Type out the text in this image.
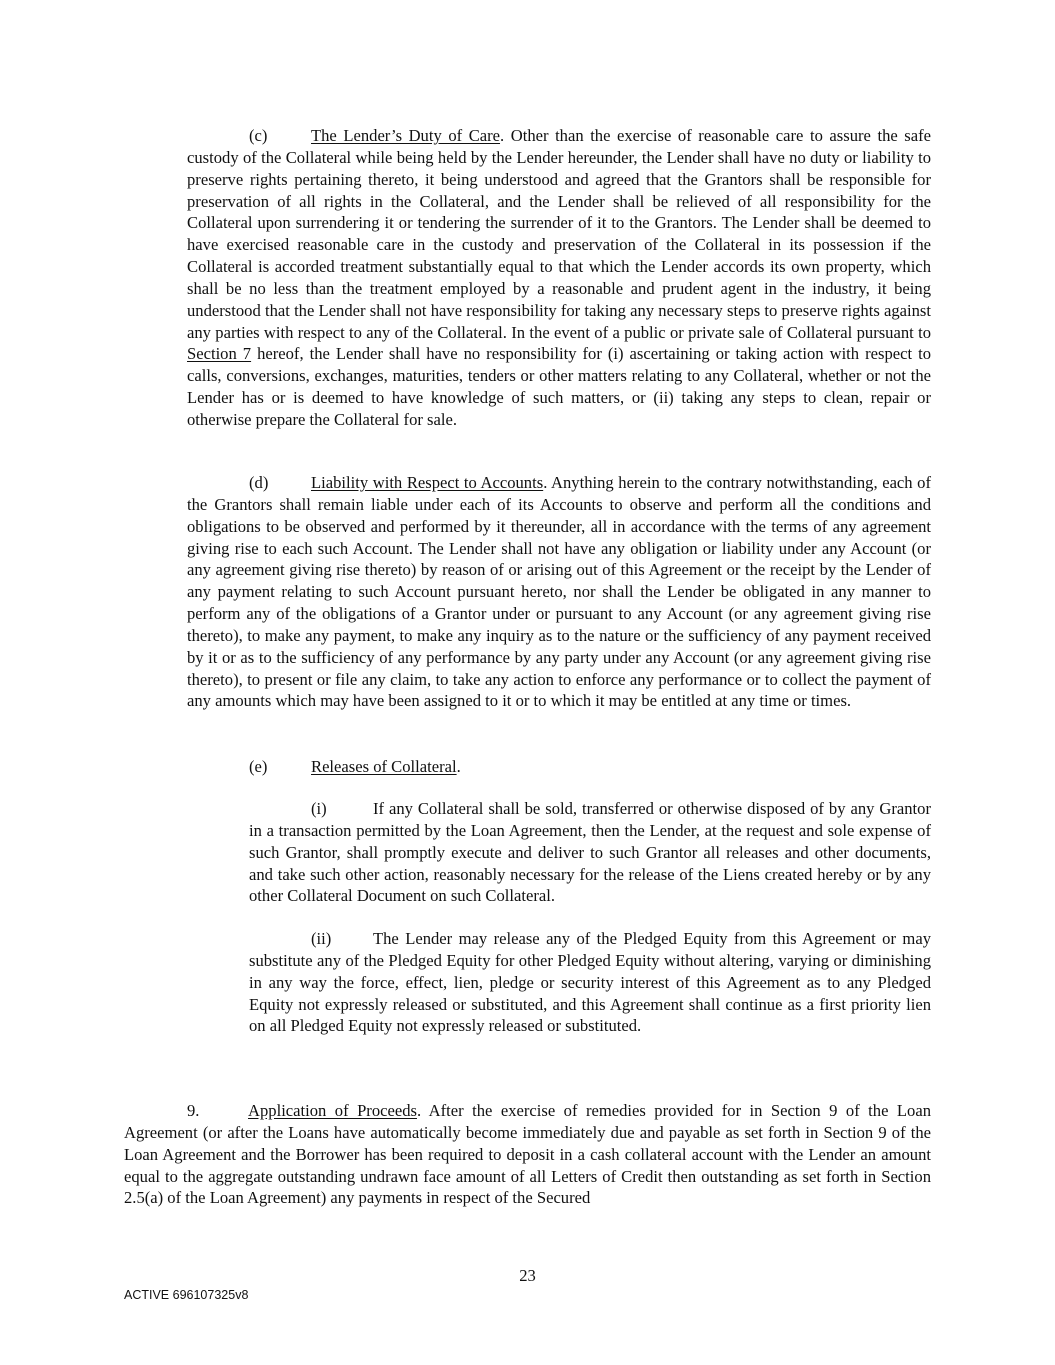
(c)	The Lender’s Duty of Care. Other than the exercise of reasonable care to assure the safe custody of the Collateral while being held by the Lender hereunder, the Lender shall have no duty or liability to preserve rights pertaining thereto, it being understood and agreed that the Grantors shall be responsible for preservation of all rights in the Collateral, and the Lender shall be relieved of all responsibility for the Collateral upon surrendering it or tendering the surrender of it to the Grantors. The Lender shall be deemed to have exercised reasonable care in the custody and preservation of the Collateral in its possession if the Collateral is accorded treatment substantially equal to that which the Lender accords its own property, which shall be no less than the treatment employed by a reasonable and prudent agent in the industry, it being understood that the Lender shall not have responsibility for taking any necessary steps to preserve rights against any parties with respect to any of the Collateral. In the event of a public or private sale of Collateral pursuant to Section 7 hereof, the Lender shall have no responsibility for (i) ascertaining or taking action with respect to calls, conversions, exchanges, maturities, tenders or other matters relating to any Collateral, whether or not the Lender has or is deemed to have knowledge of such matters, or (ii) taking any steps to clean, repair or otherwise prepare the Collateral for sale.

(d)	Liability with Respect to Accounts. Anything herein to the contrary notwithstanding, each of the Grantors shall remain liable under each of its Accounts to observe and perform all the conditions and obligations to be observed and performed by it thereunder, all in accordance with the terms of any agreement giving rise to each such Account. The Lender shall not have any obligation or liability under any Account (or any agreement giving rise thereto) by reason of or arising out of this Agreement or the receipt by the Lender of any payment relating to such Account pursuant hereto, nor shall the Lender be obligated in any manner to perform any of the obligations of a Grantor under or pursuant to any Account (or any agreement giving rise thereto), to make any payment, to make any inquiry as to the nature or the sufficiency of any payment received by it or as to the sufficiency of any performance by any party under any Account (or any agreement giving rise thereto), to present or file any claim, to take any action to enforce any performance or to collect the payment of any amounts which may have been assigned to it or to which it may be entitled at any time or times.

(e)	Releases of Collateral.

(i)	If any Collateral shall be sold, transferred or otherwise disposed of by any Grantor in a transaction permitted by the Loan Agreement, then the Lender, at the request and sole expense of such Grantor, shall promptly execute and deliver to such Grantor all releases and other documents, and take such other action, reasonably necessary for the release of the Liens created hereby or by any other Collateral Document on such Collateral.

(ii)	The Lender may release any of the Pledged Equity from this Agreement or may substitute any of the Pledged Equity for other Pledged Equity without altering, varying or diminishing in any way the force, effect, lien, pledge or security interest of this Agreement as to any Pledged Equity not expressly released or substituted, and this Agreement shall continue as a first priority lien on all Pledged Equity not expressly released or substituted.

9.	Application of Proceeds. After the exercise of remedies provided for in Section 9 of the Loan Agreement (or after the Loans have automatically become immediately due and payable as set forth in Section 9 of the Loan Agreement and the Borrower has been required to deposit in a cash collateral account with the Lender an amount equal to the aggregate outstanding undrawn face amount of all Letters of Credit then outstanding as set forth in Section 2.5(a) of the Loan Agreement) any payments in respect of the Secured

23
ACTIVE 696107325v8
